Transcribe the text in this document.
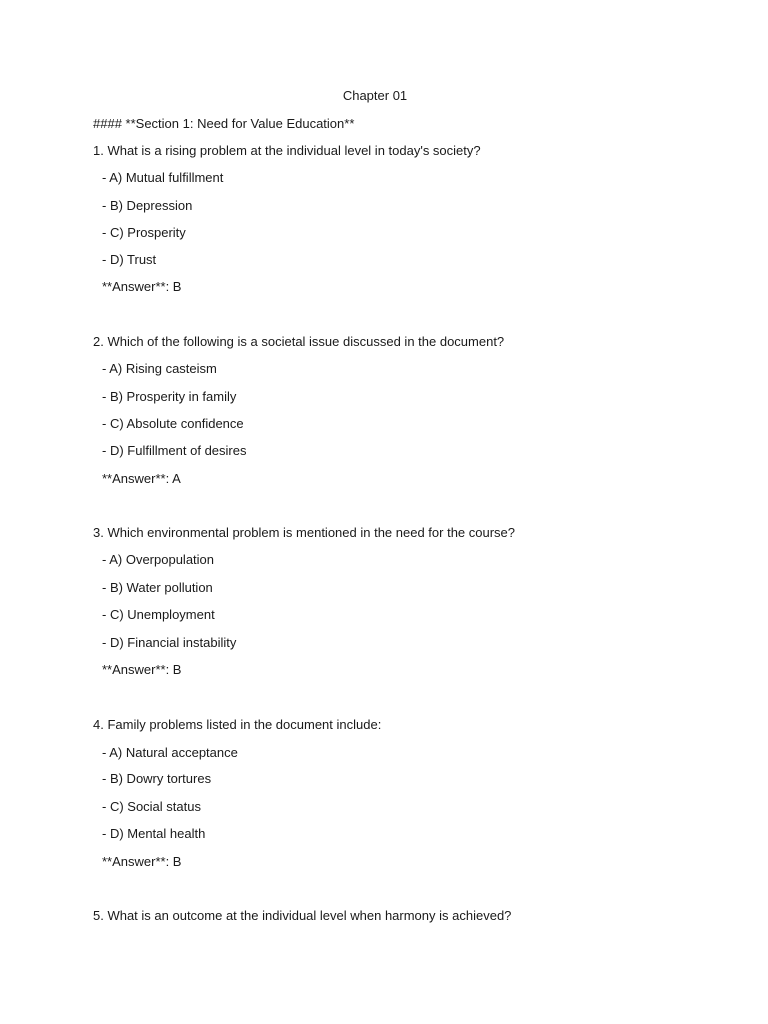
Chapter 01
#### **Section 1: Need for Value Education**
1. What is a rising problem at the individual level in today's society?
- A) Mutual fulfillment
- B) Depression
- C) Prosperity
- D) Trust
**Answer**: B
2. Which of the following is a societal issue discussed in the document?
- A) Rising casteism
- B) Prosperity in family
- C) Absolute confidence
- D) Fulfillment of desires
**Answer**: A
3. Which environmental problem is mentioned in the need for the course?
- A) Overpopulation
- B) Water pollution
- C) Unemployment
- D) Financial instability
**Answer**: B
4. Family problems listed in the document include:
- A) Natural acceptance
- B) Dowry tortures
- C) Social status
- D) Mental health
**Answer**: B
5. What is an outcome at the individual level when harmony is achieved?
